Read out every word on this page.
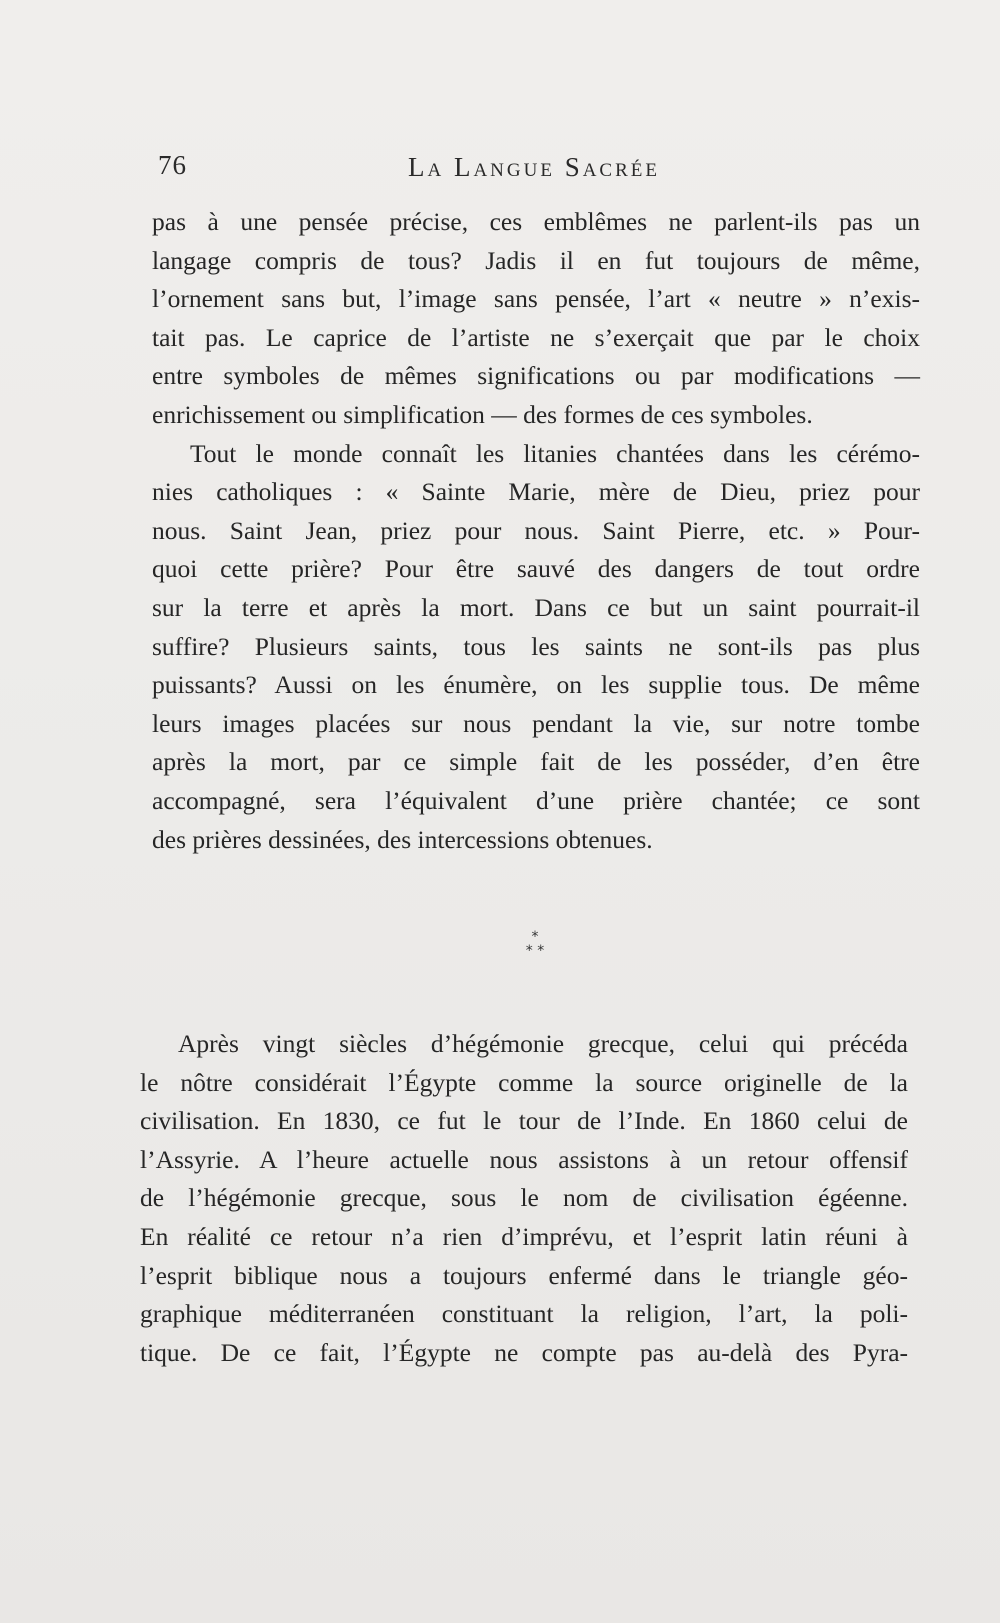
76	La Langue Sacrée
pas à une pensée précise, ces emblêmes ne parlent-ils pas un
langage compris de tous? Jadis il en fut toujours de même,
l’ornement sans but, l’image sans pensée, l’art « neutre » n’exis-
tait pas. Le caprice de l’artiste ne s’exerçait que par le choix
entre symboles de mêmes significations ou par modifications —
enrichissement ou simplification — des formes de ces symboles.
Tout le monde connaît les litanies chantées dans les cérémo-
nies catholiques : « Sainte Marie, mère de Dieu, priez pour
nous. Saint Jean, priez pour nous. Saint Pierre, etc. » Pour-
quoi cette prière? Pour être sauvé des dangers de tout ordre
sur la terre et après la mort. Dans ce but un saint pourrait-il
suffire? Plusieurs saints, tous les saints ne sont-ils pas plus
puissants? Aussi on les énumère, on les supplie tous. De même
leurs images placées sur nous pendant la vie, sur notre tombe
après la mort, par ce simple fait de les posséder, d’en être
accompagné, sera l’équivalent d’une prière chantée; ce sont
des prières dessinées, des intercessions obtenues.
*
* *
Après vingt siècles d’hégémonie grecque, celui qui précéda
le nôtre considérait l’Égypte comme la source originelle de la
civilisation. En 1830, ce fut le tour de l’Inde. En 1860 celui de
l’Assyrie. A l’heure actuelle nous assistons à un retour offensif
de l’hégémonie grecque, sous le nom de civilisation égéenne.
En réalité ce retour n’a rien d’imprévu, et l’esprit latin réuni à
l’esprit biblique nous a toujours enfermé dans le triangle géo-
graphique méditerranéen constituant la religion, l’art, la poli-
tique. De ce fait, l’Égypte ne compte pas au-delà des Pyra-
